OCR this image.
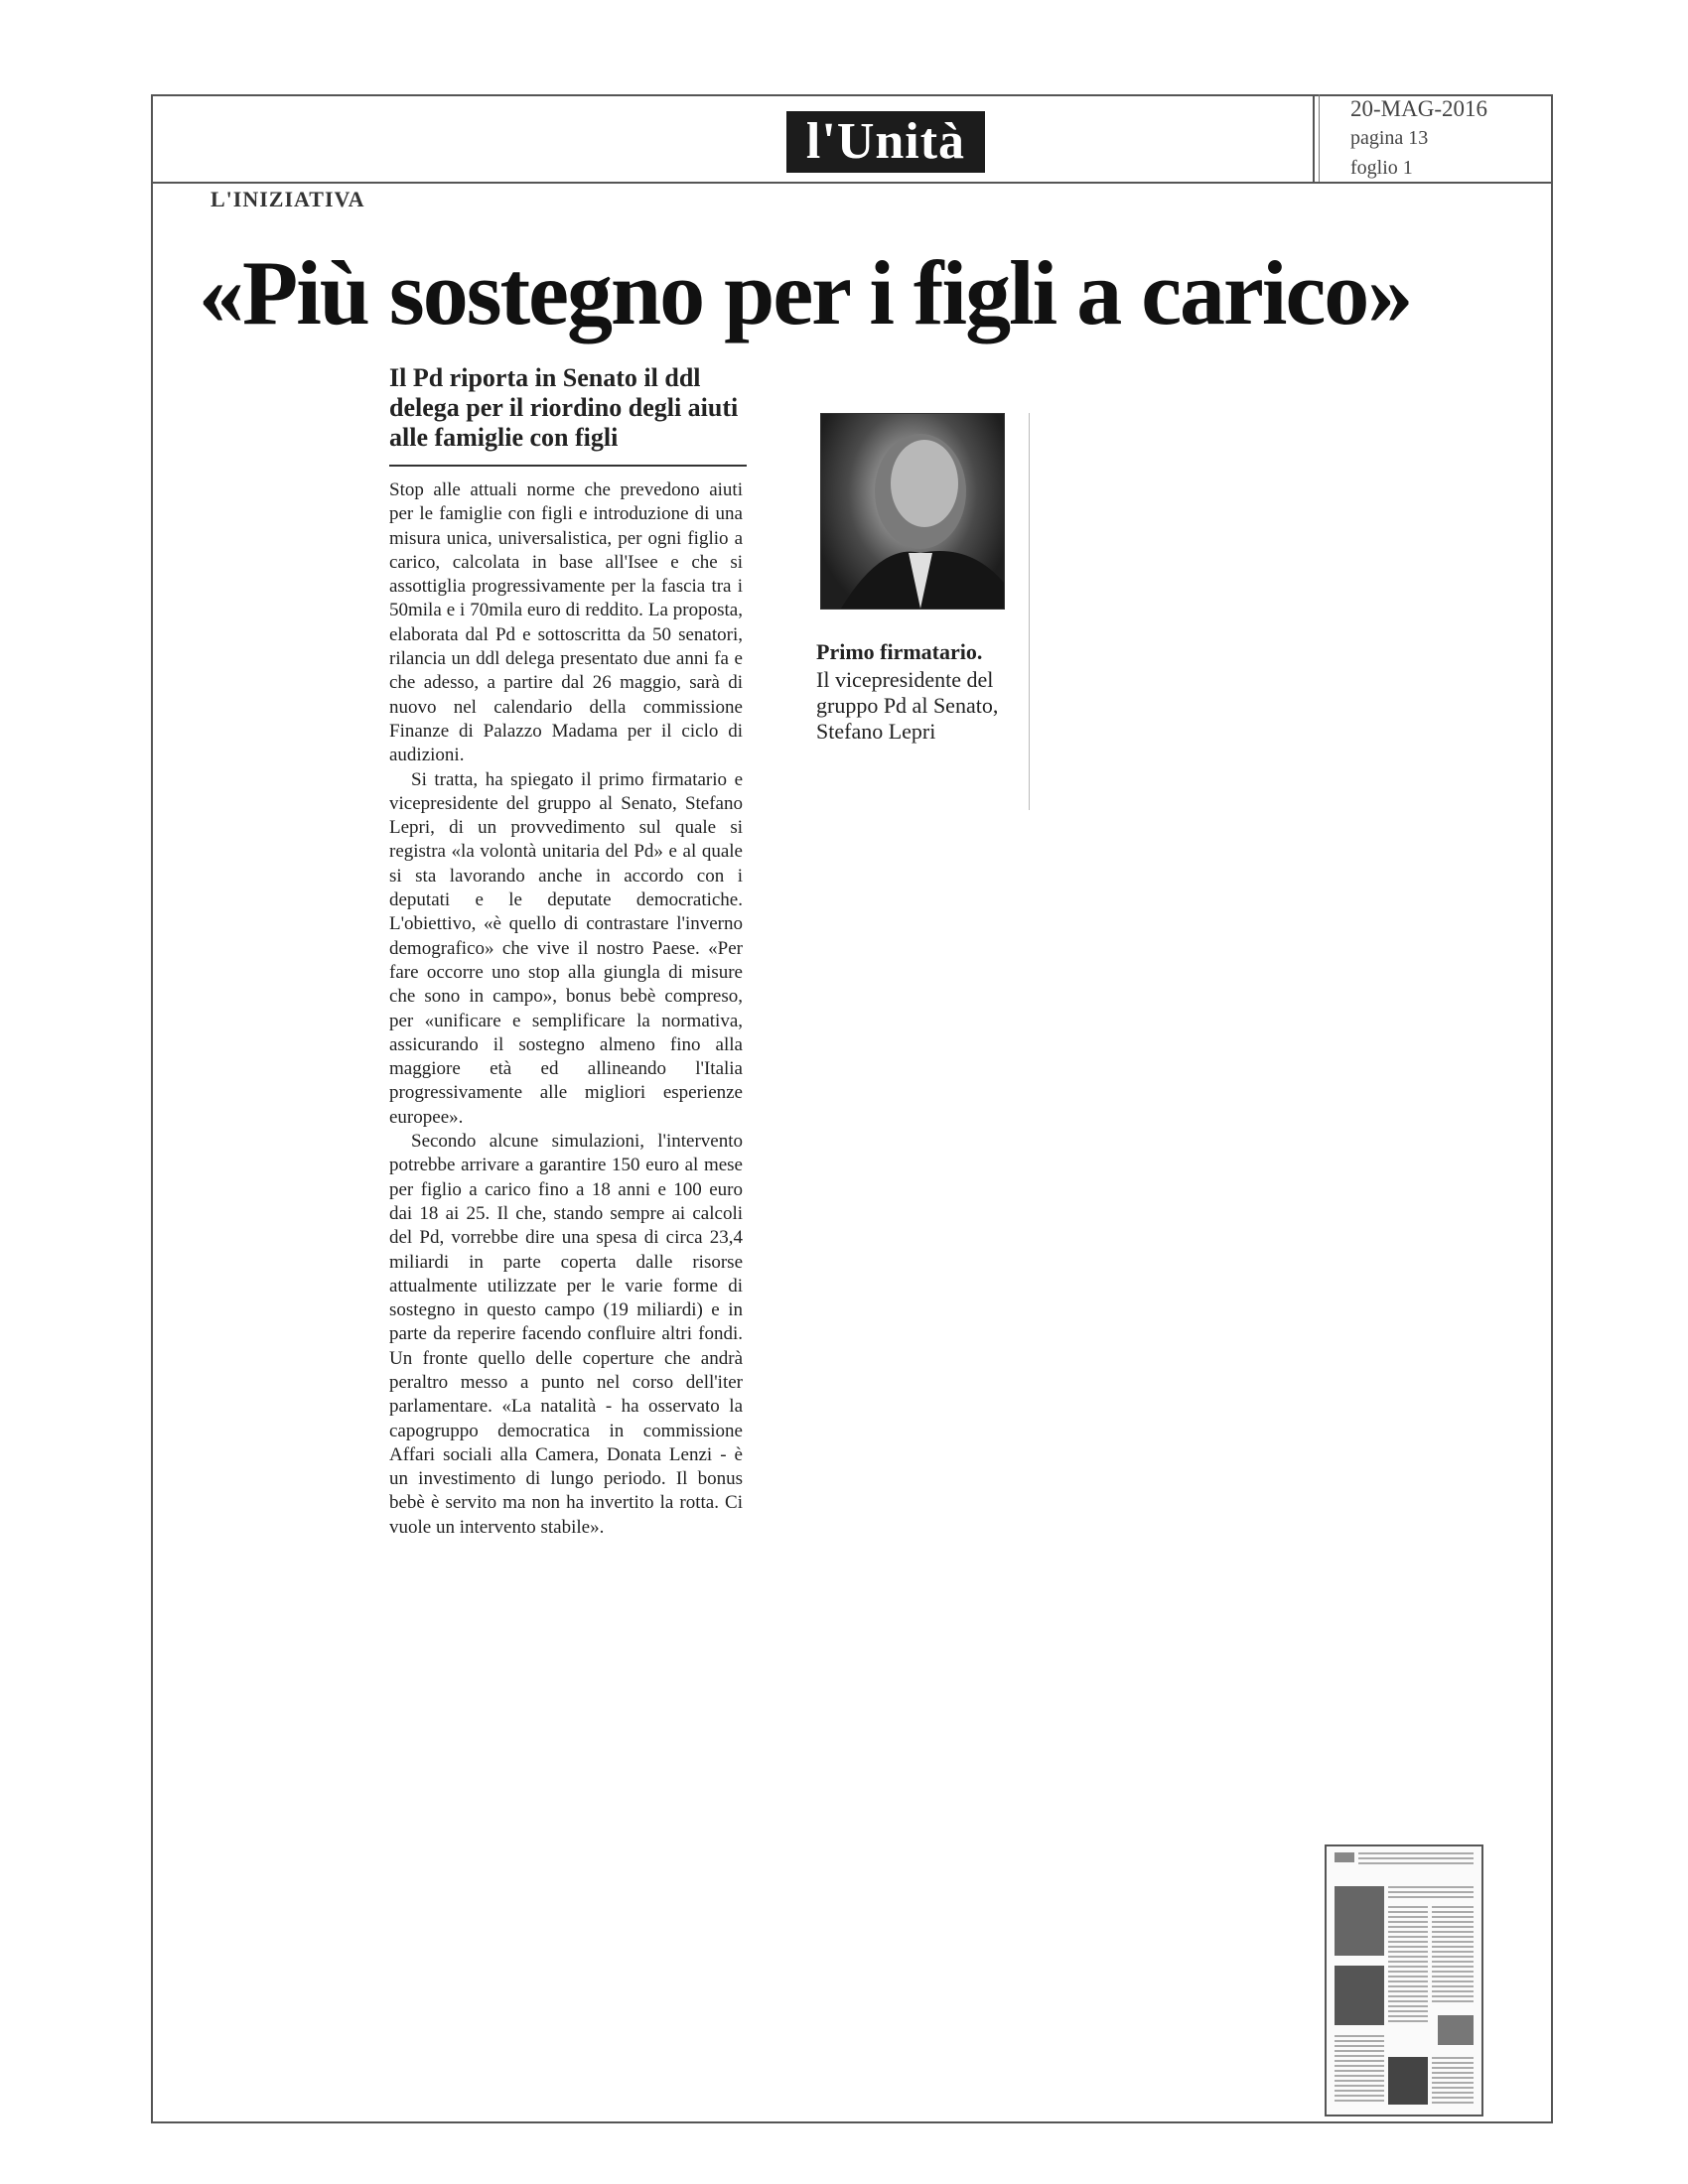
l'Unità
20-MAG-2016
pagina 13
foglio 1
L'INIZIATIVA
«Più sostegno per i figli a carico»
Il Pd riporta in Senato il ddl delega per il riordino degli aiuti alle famiglie con figli

Stop alle attuali norme che prevedono aiuti per le famiglie con figli e introduzione di una misura unica, universalistica, per ogni figlio a carico, calcolata in base all'Isee e che si assottiglia progressivamente per la fascia tra i 50mila e i 70mila euro di reddito. La proposta, elaborata dal Pd e sottoscritta da 50 senatori, rilancia un ddl delega presentato due anni fa e che adesso, a partire dal 26 maggio, sarà di nuovo nel calendario della commissione Finanze di Palazzo Madama per il ciclo di audizioni.

Si tratta, ha spiegato il primo firmatario e vicepresidente del gruppo al Senato, Stefano Lepri, di un provvedimento sul quale si registra «la volontà unitaria del Pd» e al quale si sta lavorando anche in accordo con i deputati e le deputate democratiche. L'obiettivo, «è quello di contrastare l'inverno demografico» che vive il nostro Paese. «Per fare occorre uno stop alla giungla di misure che sono in campo», bonus bebè compreso, per «unificare e semplificare la normativa, assicurando il sostegno almeno fino alla maggiore età ed allineando l'Italia progressivamente alle migliori esperienze europee».

Secondo alcune simulazioni, l'intervento potrebbe arrivare a garantire 150 euro al mese per figlio a carico fino a 18 anni e 100 euro dai 18 ai 25. Il che, stando sempre ai calcoli del Pd, vorrebbe dire una spesa di circa 23,4 miliardi in parte coperta dalle risorse attualmente utilizzate per le varie forme di sostegno in questo campo (19 miliardi) e in parte da reperire facendo confluire altri fondi. Un fronte quello delle coperture che andrà peraltro messo a punto nel corso dell'iter parlamentare. «La natalità - ha osservato la capogruppo democratica in commissione Affari sociali alla Camera, Donata Lenzi - è un investimento di lungo periodo. Il bonus bebè è servito ma non ha invertito la rotta. Ci vuole un intervento stabile».

Primo firmatario.
Il vicepresidente del gruppo Pd al Senato, Stefano Lepri
